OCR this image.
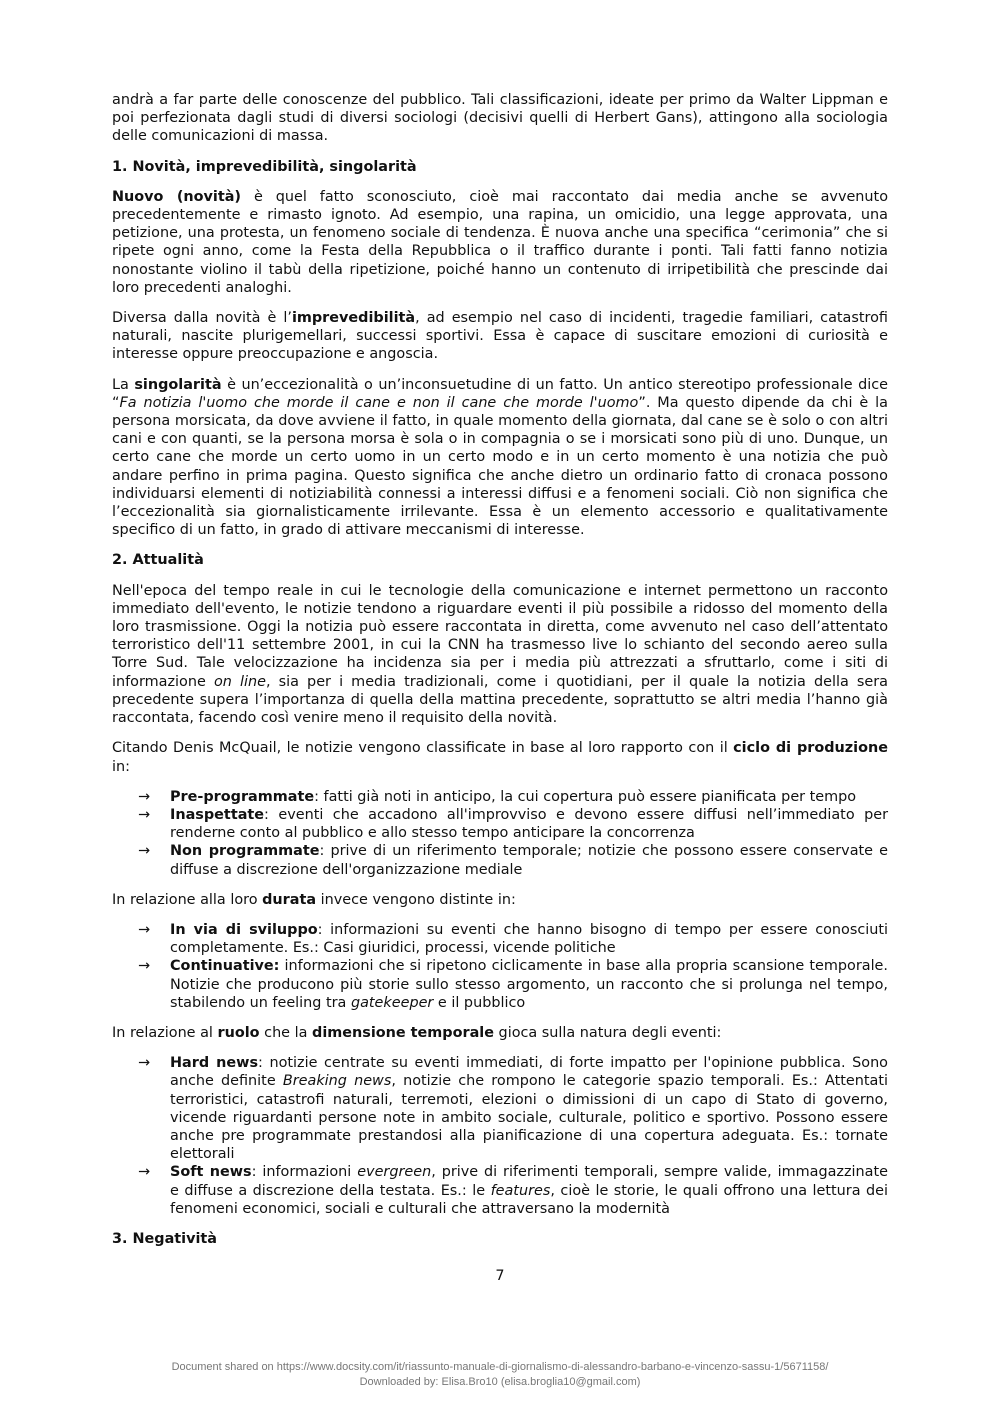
andrà a far parte delle conoscenze del pubblico. Tali classificazioni, ideate per primo da Walter Lippman e poi perfezionata dagli studi di diversi sociologi (decisivi quelli di Herbert Gans), attingono alla sociologia delle comunicazioni di massa.

1. Novità, imprevedibilità, singolarità

Nuovo (novità) è quel fatto sconosciuto, cioè mai raccontato dai media anche se avvenuto precedentemente e rimasto ignoto. Ad esempio, una rapina, un omicidio, una legge approvata, una petizione, una protesta, un fenomeno sociale di tendenza. È nuova anche una specifica “cerimonia” che si ripete ogni anno, come la Festa della Repubblica o il traffico durante i ponti. Tali fatti fanno notizia nonostante violino il tabù della ripetizione, poiché hanno un contenuto di irripetibilità che prescinde dai loro precedenti analoghi.

Diversa dalla novità è l’imprevedibilità, ad esempio nel caso di incidenti, tragedie familiari, catastrofi naturali, nascite plurigemellari, successi sportivi. Essa è capace di suscitare emozioni di curiosità e interesse oppure preoccupazione e angoscia.

La singolarità è un’eccezionalità o un’inconsuetudine di un fatto. Un antico stereotipo professionale dice “Fa notizia l'uomo che morde il cane e non il cane che morde l'uomo”. Ma questo dipende da chi è la persona morsicata, da dove avviene il fatto, in quale momento della giornata, dal cane se è solo o con altri cani e con quanti, se la persona morsa è sola o in compagnia o se i morsicati sono più di uno. Dunque, un certo cane che morde un certo uomo in un certo modo e in un certo momento è una notizia che può andare perfino in prima pagina. Questo significa che anche dietro un ordinario fatto di cronaca possono individuarsi elementi di notiziabilità connessi a interessi diffusi e a fenomeni sociali. Ciò non significa che l’eccezionalità sia giornalisticamente irrilevante. Essa è un elemento accessorio e qualitativamente specifico di un fatto, in grado di attivare meccanismi di interesse.

2. Attualità

Nell'epoca del tempo reale in cui le tecnologie della comunicazione e internet permettono un racconto immediato dell'evento, le notizie tendono a riguardare eventi il più possibile a ridosso del momento della loro trasmissione. Oggi la notizia può essere raccontata in diretta, come avvenuto nel caso dell’attentato terroristico dell'11 settembre 2001, in cui la CNN ha trasmesso live lo schianto del secondo aereo sulla Torre Sud. Tale velocizzazione ha incidenza sia per i media più attrezzati a sfruttarlo, come i siti di informazione on line, sia per i media tradizionali, come i quotidiani, per il quale la notizia della sera precedente supera l’importanza di quella della mattina precedente, soprattutto se altri media l’hanno già raccontata, facendo così venire meno il requisito della novità.

Citando Denis McQuail, le notizie vengono classificate in base al loro rapporto con il ciclo di produzione in:

→ Pre-programmate: fatti già noti in anticipo, la cui copertura può essere pianificata per tempo
→ Inaspettate: eventi che accadono all'improvviso e devono essere diffusi nell’immediato per renderne conto al pubblico e allo stesso tempo anticipare la concorrenza
→ Non programmate: prive di un riferimento temporale; notizie che possono essere conservate e diffuse a discrezione dell'organizzazione mediale

In relazione alla loro durata invece vengono distinte in:

→ In via di sviluppo: informazioni su eventi che hanno bisogno di tempo per essere conosciuti completamente. Es.: Casi giuridici, processi, vicende politiche
→ Continuative: informazioni che si ripetono ciclicamente in base alla propria scansione temporale. Notizie che producono più storie sullo stesso argomento, un racconto che si prolunga nel tempo, stabilendo un feeling tra gatekeeper e il pubblico

In relazione al ruolo che la dimensione temporale gioca sulla natura degli eventi:

→ Hard news: notizie centrate su eventi immediati, di forte impatto per l'opinione pubblica. Sono anche definite Breaking news, notizie che rompono le categorie spazio temporali. Es.: Attentati terroristici, catastrofi naturali, terremoti, elezioni o dimissioni di un capo di Stato di governo, vicende riguardanti persone note in ambito sociale, culturale, politico e sportivo. Possono essere anche pre programmate prestandosi alla pianificazione di una copertura adeguata. Es.: tornate elettorali
→ Soft news: informazioni evergreen, prive di riferimenti temporali, sempre valide, immagazzinate e diffuse a discrezione della testata. Es.: le features, cioè le storie, le quali offrono una lettura dei fenomeni economici, sociali e culturali che attraversano la modernità
3. Negatività
7
Document shared on https://www.docsity.com/it/riassunto-manuale-di-giornalismo-di-alessandro-barbano-e-vincenzo-sassu-1/5671158/
Downloaded by: Elisa.Bro10 (elisa.broglia10@gmail.com)
